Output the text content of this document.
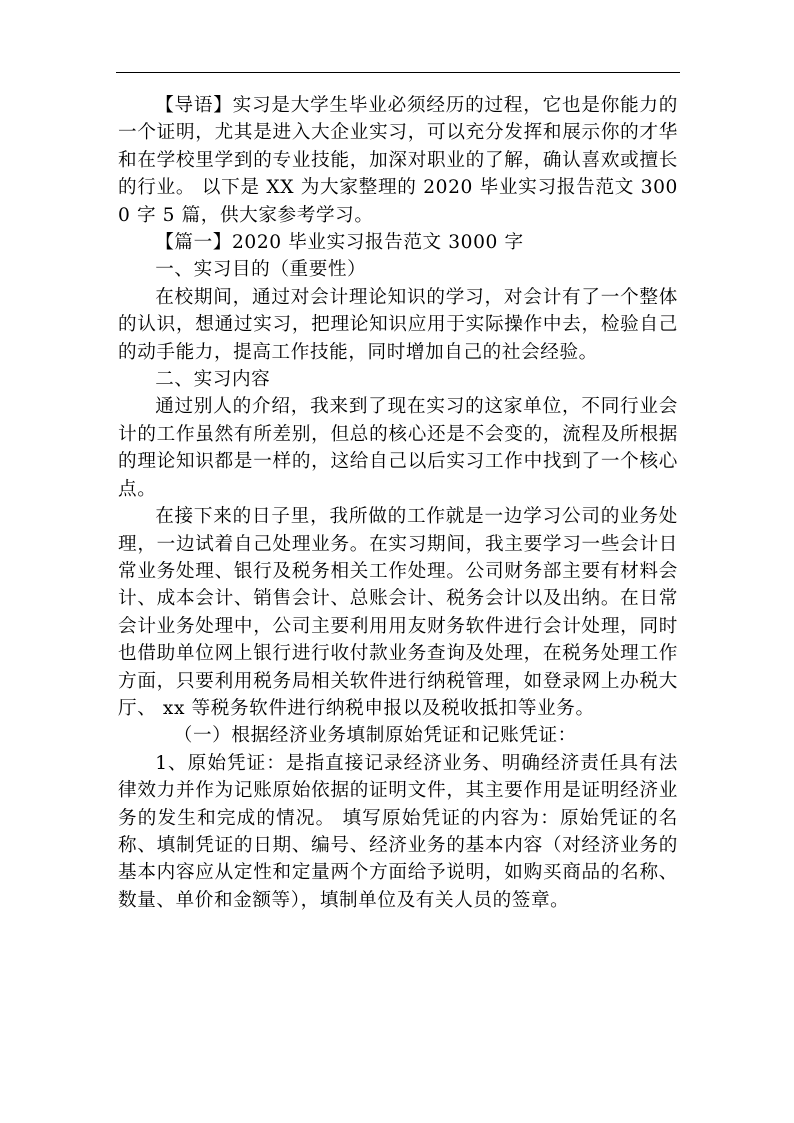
【导语】实习是大学生毕业必须经历的过程，它也是你能力的一个证明，尤其是进入大企业实习，可以充分发挥和展示你的才华和在学校里学到的专业技能，加深对职业的了解，确认喜欢或擅长的行业。 以下是 XX 为大家整理的 2020 毕业实习报告范文 3000 字 5 篇，供大家参考学习。

【篇一】2020 毕业实习报告范文 3000 字

一、实习目的（重要性）

在校期间，通过对会计理论知识的学习，对会计有了一个整体的认识，想通过实习，把理论知识应用于实际操作中去，检验自己的动手能力，提高工作技能，同时增加自己的社会经验。

二、实习内容

通过别人的介绍，我来到了现在实习的这家单位，不同行业会计的工作虽然有所差别，但总的核心还是不会变的，流程及所根据的理论知识都是一样的，这给自己以后实习工作中找到了一个核心点。

在接下来的日子里，我所做的工作就是一边学习公司的业务处理，一边试着自己处理业务。在实习期间，我主要学习一些会计日常业务处理、银行及税务相关工作处理。公司财务部主要有材料会计、成本会计、销售会计、总账会计、税务会计以及出纳。在日常会计业务处理中，公司主要利用用友财务软件进行会计处理，同时也借助单位网上银行进行收付款业务查询及处理，在税务处理工作方面，只要利用税务局相关软件进行纳税管理，如登录网上办税大厅、 xx 等税务软件进行纳税申报以及税收抵扣等业务。

（一）根据经济业务填制原始凭证和记账凭证：

1、原始凭证：是指直接记录经济业务、明确经济责任具有法律效力并作为记账原始依据的证明文件，其主要作用是证明经济业务的发生和完成的情况。 填写原始凭证的内容为：原始凭证的名称、填制凭证的日期、编号、经济业务的基本内容（对经济业务的基本内容应从定性和定量两个方面给予说明，如购买商品的名称、数量、单价和金额等），填制单位及有关人员的签章。
